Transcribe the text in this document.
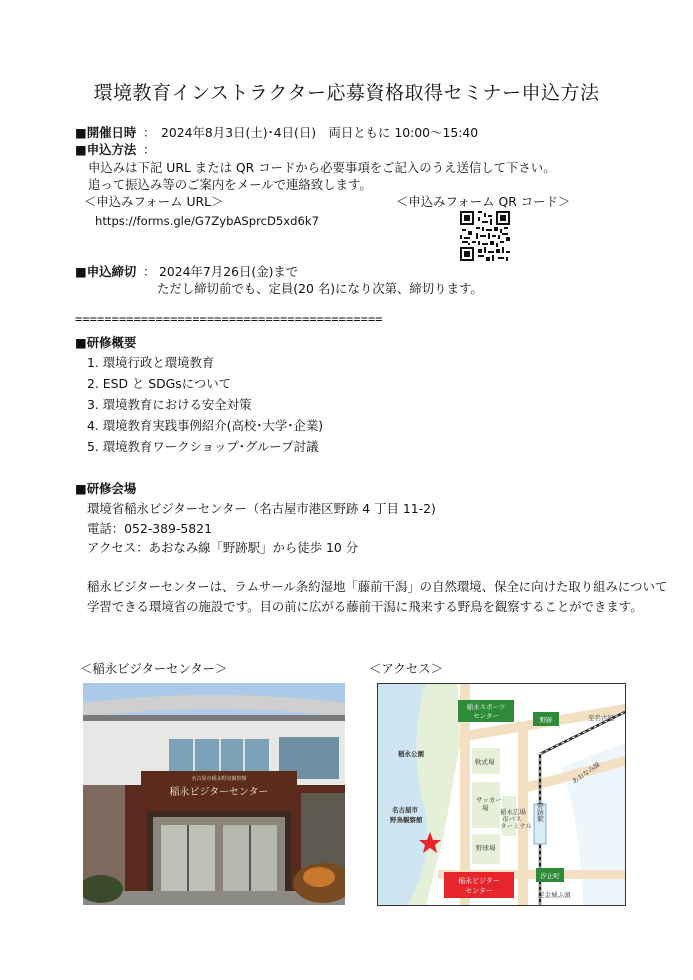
環境教育インストラクター応募資格取得セミナー申込方法
■開催日時 ： 2024年8月3日(土)･4日(日)　両日ともに 10:00～15:40
■申込方法 ：
申込みは下記 URL または QR コードから必要事項をご記入のうえ送信して下さい。
追って振込み等のご案内をメールで連絡致します。
＜申込みフォーム URL＞	＜申込みフォーム QR コード＞
https://forms.gle/G7ZybASprcD5xd6k7
■申込締切 ： 2024年7月26日(金)まで
ただし締切前でも、定員(20 名)になり次第、締切ります。
==========================================
■研修概要
1. 環境行政と環境教育
2. ESD と SDGsについて
3. 環境教育における安全対策
4. 環境教育実践事例紹介(高校･大学･企業)
5. 環境教育ワークショップ･グループ討議
■研修会場
環境省稲永ビジターセンター（名古屋市港区野跡 4 丁目 11-2)
電話：052-389-5821
アクセス：あおなみ線「野跡駅」から徒歩 10 分
稲永ビジターセンターは、ラムサール条約湿地「藤前干潟」の自然環境、保全に向けた取り組みについて
学習できる環境省の施設です。目の前に広がる藤前干潟に飛来する野鳥を観察することができます。
＜稲永ビジターセンター＞	＜アクセス＞
名古屋市稲永野鳥観察館
稲永ビジターセンター
野跡駅
稲永スポーツ
センター	野跡
汐止町
至名古屋
あおなみ線
稲永公園
軟式場
名古屋市
野鳥観察館
サッカー
場
野球場
稲永広場
市バス
ターミナル
至金城ふ頭
稲永ビジター
センター
